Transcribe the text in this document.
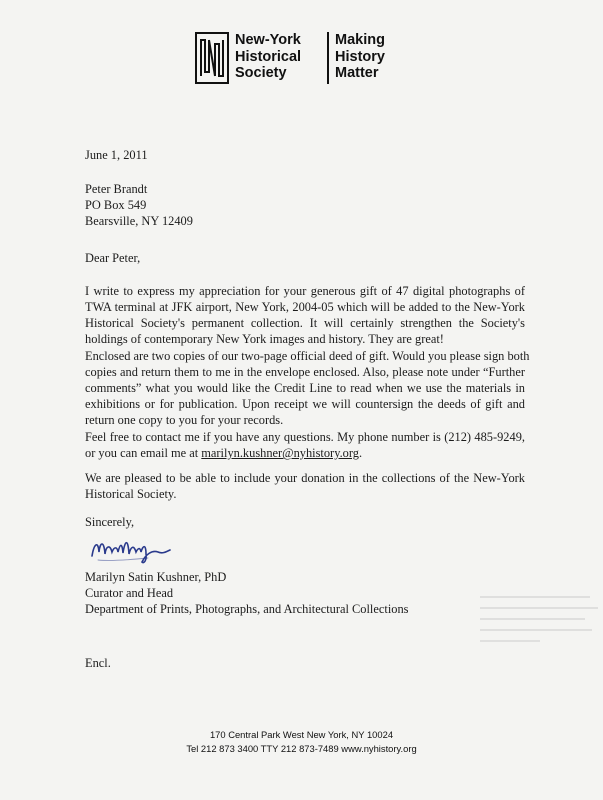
New-York
Historical
Society
Making
History
Matter
June 1, 2011
Peter Brandt
PO Box 549
Bearsville, NY 12409
Dear Peter,
I write to express my appreciation for your generous gift of 47 digital photographs of
TWA terminal at JFK airport, New York, 2004-05 which will be added to the New-York
Historical Society's permanent collection. It will certainly strengthen the Society's
holdings of contemporary New York images and history. They are great!
Enclosed are two copies of our two-page official deed of gift. Would you please sign both
copies and return them to me in the envelope enclosed. Also, please note under “Further
comments” what you would like the Credit Line to read when we use the materials in
exhibitions or for publication. Upon receipt we will countersign the deeds of gift and
return one copy to you for your records.
Feel free to contact me if you have any questions. My phone number is (212) 485-9249,
or you can email me at marilyn.kushner@nyhistory.org.
We are pleased to be able to include your donation in the collections of the New-York
Historical Society.
Sincerely,
Marilyn Satin Kushner, PhD
Curator and Head
Department of Prints, Photographs, and Architectural Collections
Encl.
170 Central Park West New York, NY 10024
Tel 212 873 3400 TTY 212 873-7489 www.nyhistory.org
